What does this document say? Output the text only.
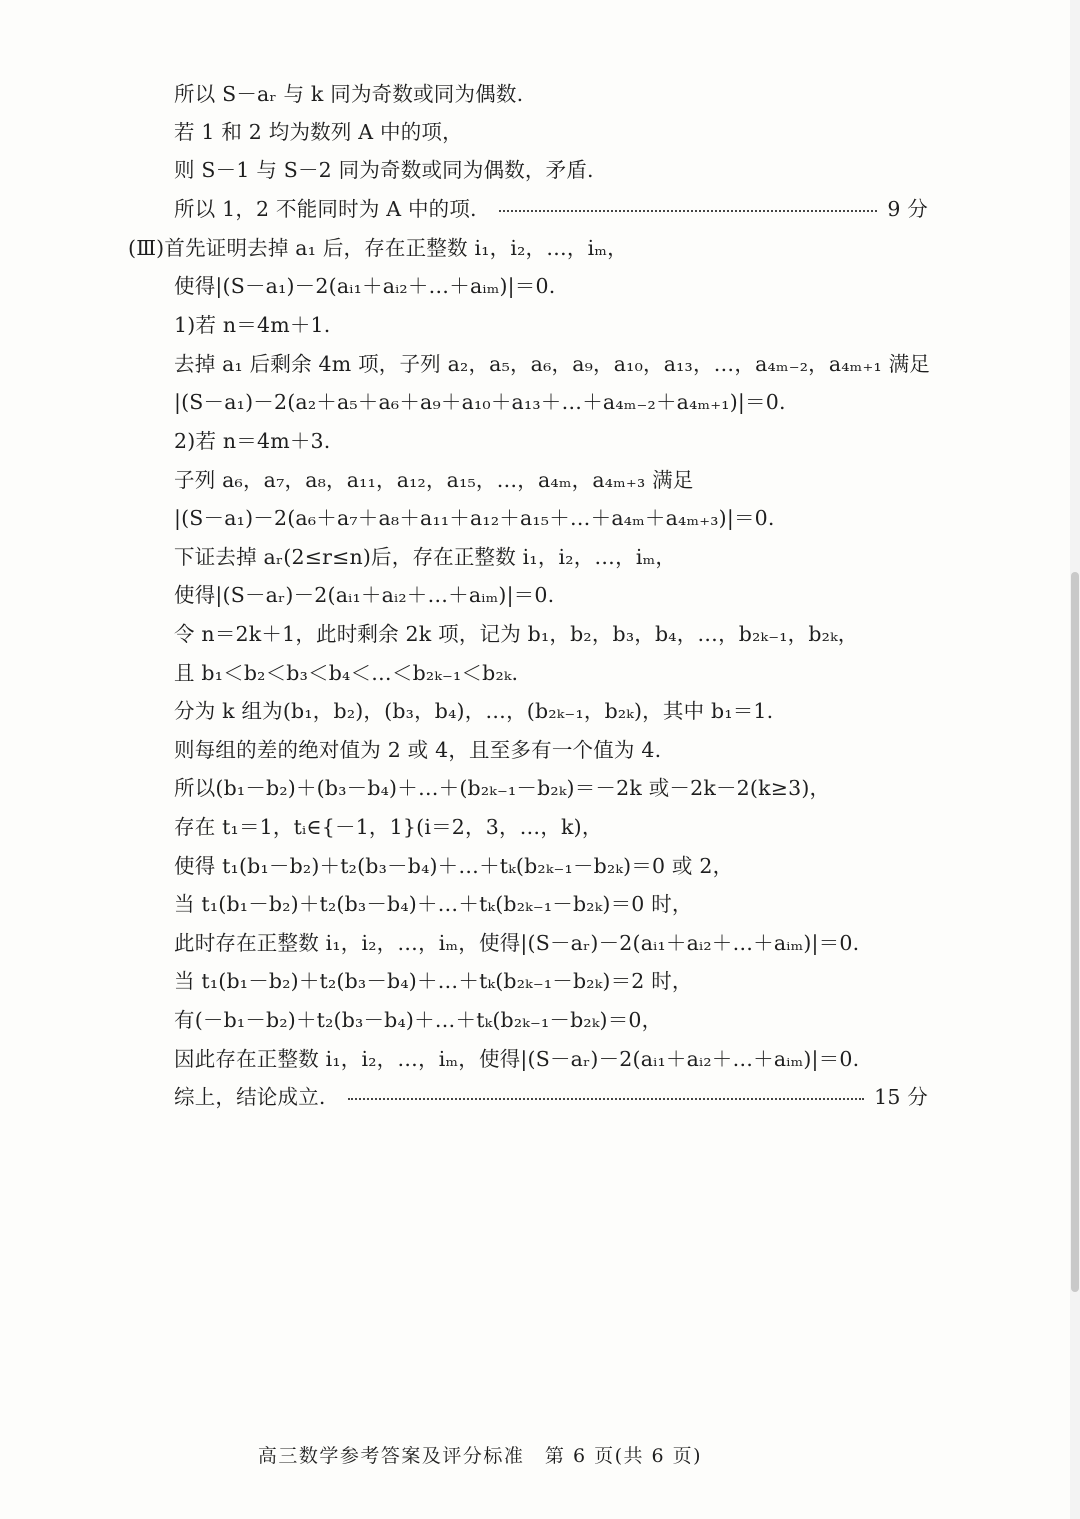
所以 S－aᵣ 与 k 同为奇数或同为偶数.
若 1 和 2 均为数列 A 中的项，
则 S－1 与 S－2 同为奇数或同为偶数，矛盾.
所以 1，2 不能同时为 A 中的项.	9 分
(Ⅲ)首先证明去掉 a₁ 后，存在正整数 i₁，i₂，…，iₘ，
使得|(S－a₁)－2(aᵢ₁＋aᵢ₂＋…＋aᵢₘ)|＝0.
1)若 n＝4m＋1.
去掉 a₁ 后剩余 4m 项，子列 a₂，a₅，a₆，a₉，a₁₀，a₁₃，…，a₄ₘ₋₂，a₄ₘ₊₁ 满足
|(S－a₁)－2(a₂＋a₅＋a₆＋a₉＋a₁₀＋a₁₃＋…＋a₄ₘ₋₂＋a₄ₘ₊₁)|＝0.
2)若 n＝4m＋3.
子列 a₆，a₇，a₈，a₁₁，a₁₂，a₁₅，…，a₄ₘ，a₄ₘ₊₃ 满足
|(S－a₁)－2(a₆＋a₇＋a₈＋a₁₁＋a₁₂＋a₁₅＋…＋a₄ₘ＋a₄ₘ₊₃)|＝0.
下证去掉 aᵣ(2≤r≤n)后，存在正整数 i₁，i₂，…，iₘ，
使得|(S－aᵣ)－2(aᵢ₁＋aᵢ₂＋…＋aᵢₘ)|＝0.
令 n＝2k＋1，此时剩余 2k 项，记为 b₁，b₂，b₃，b₄，…，b₂ₖ₋₁，b₂ₖ，
且 b₁＜b₂＜b₃＜b₄＜…＜b₂ₖ₋₁＜b₂ₖ.
分为 k 组为(b₁，b₂)，(b₃，b₄)，…，(b₂ₖ₋₁，b₂ₖ)，其中 b₁＝1.
则每组的差的绝对值为 2 或 4，且至多有一个值为 4.
所以(b₁－b₂)＋(b₃－b₄)＋…＋(b₂ₖ₋₁－b₂ₖ)＝－2k 或－2k－2(k≥3)，
存在 t₁＝1，tᵢ∈{－1，1}(i＝2，3，…，k)，
使得 t₁(b₁－b₂)＋t₂(b₃－b₄)＋…＋tₖ(b₂ₖ₋₁－b₂ₖ)＝0 或 2，
当 t₁(b₁－b₂)＋t₂(b₃－b₄)＋…＋tₖ(b₂ₖ₋₁－b₂ₖ)＝0 时，
此时存在正整数 i₁，i₂，…，iₘ，使得|(S－aᵣ)－2(aᵢ₁＋aᵢ₂＋…＋aᵢₘ)|＝0.
当 t₁(b₁－b₂)＋t₂(b₃－b₄)＋…＋tₖ(b₂ₖ₋₁－b₂ₖ)＝2 时，
有(－b₁－b₂)＋t₂(b₃－b₄)＋…＋tₖ(b₂ₖ₋₁－b₂ₖ)＝0，
因此存在正整数 i₁，i₂，…，iₘ，使得|(S－aᵣ)－2(aᵢ₁＋aᵢ₂＋…＋aᵢₘ)|＝0.
综上，结论成立.	15 分
高三数学参考答案及评分标准　第 6 页(共 6 页)
